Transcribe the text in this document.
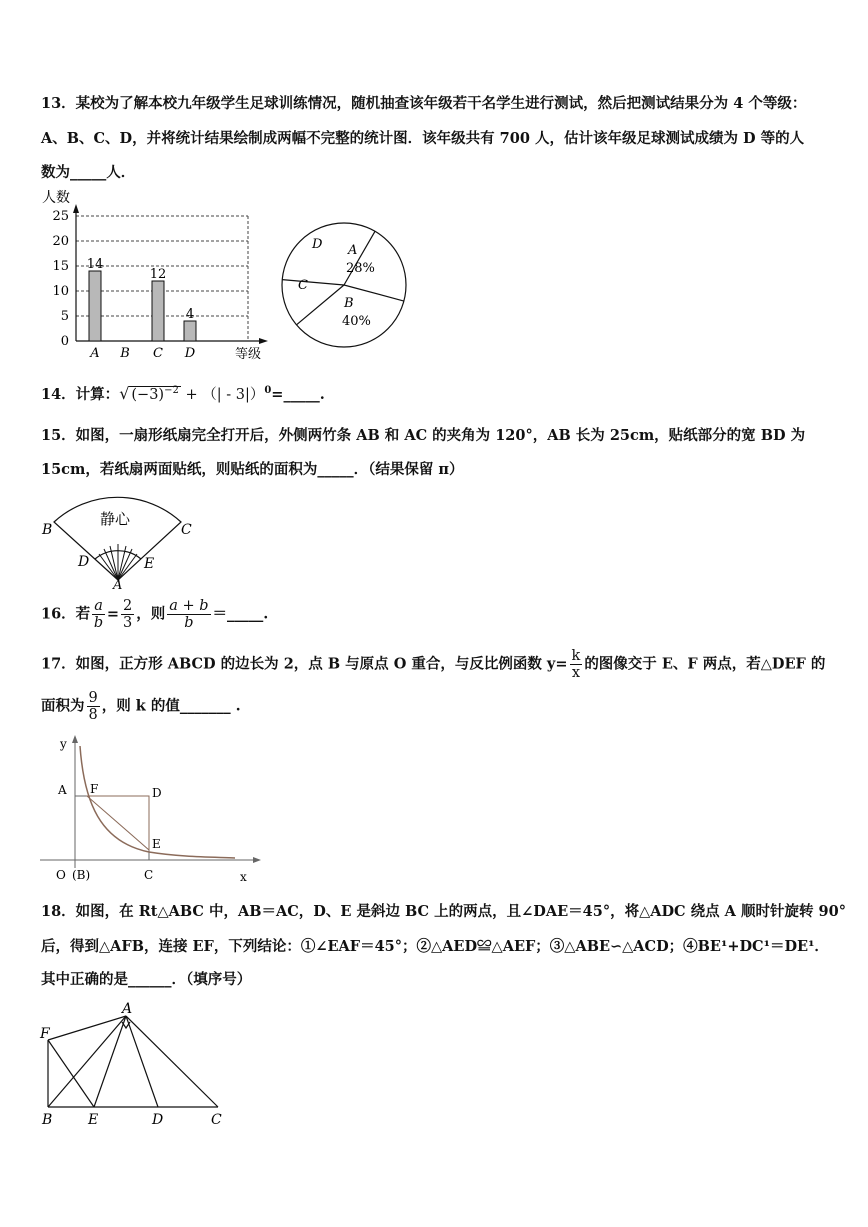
13．某校为了解本校九年级学生足球训练情况，随机抽查该年级若干名学生进行测试，然后把测试结果分为 4 个等级：
A、B、C、D，并将统计结果绘制成两幅不完整的统计图．该年级共有 700 人，估计该年级足球测试成绩为 D 等的人
数为_____人．
人数
等级
0
5
10
15
20
25
14
A B
12
C
4
D
A
28%
B
40%
C
D
14．计算：√ $(-3)^{-2}$ + （| - 3|）$^0$=_____.
15．如图，一扇形纸扇完全打开后，外侧两竹条 AB 和 AC 的夹角为 120°，AB 长为 25cm，贴纸部分的宽 BD 为
15cm，若纸扇两面贴纸，则贴纸的面积为_____．（结果保留 π）
静心
B	C
D	E
A
16．若 $\frac{a}{b} = \frac{2}{3}$ ，则 $\frac{a + b}{b}$ ＝_____.
17．如图，正方形 ABCD 的边长为 2，点 B 与原点 O 重合，与反比例函数 $y= \frac{k}{x}$ 的图像交于 E、F 两点，若△DEF 的
面积为 $\frac{9}{8}$ ，则 k 的值_______ .
y
A F	D
E
O (B)	C	x
18．如图，在 Rt△ABC 中，AB＝AC，D、E 是斜边 BC 上的两点，且∠DAE＝45°，将△ADC 绕点 A 顺时针旋转 90°
后，得到△AFB，连接 EF，下列结论：①∠EAF＝45°；②△AED≌△AEF；③△ABE∽△ACD；④BE¹+DC¹＝DE¹．
其中正确的是______．（填序号）
A
F
B	E	D	C
